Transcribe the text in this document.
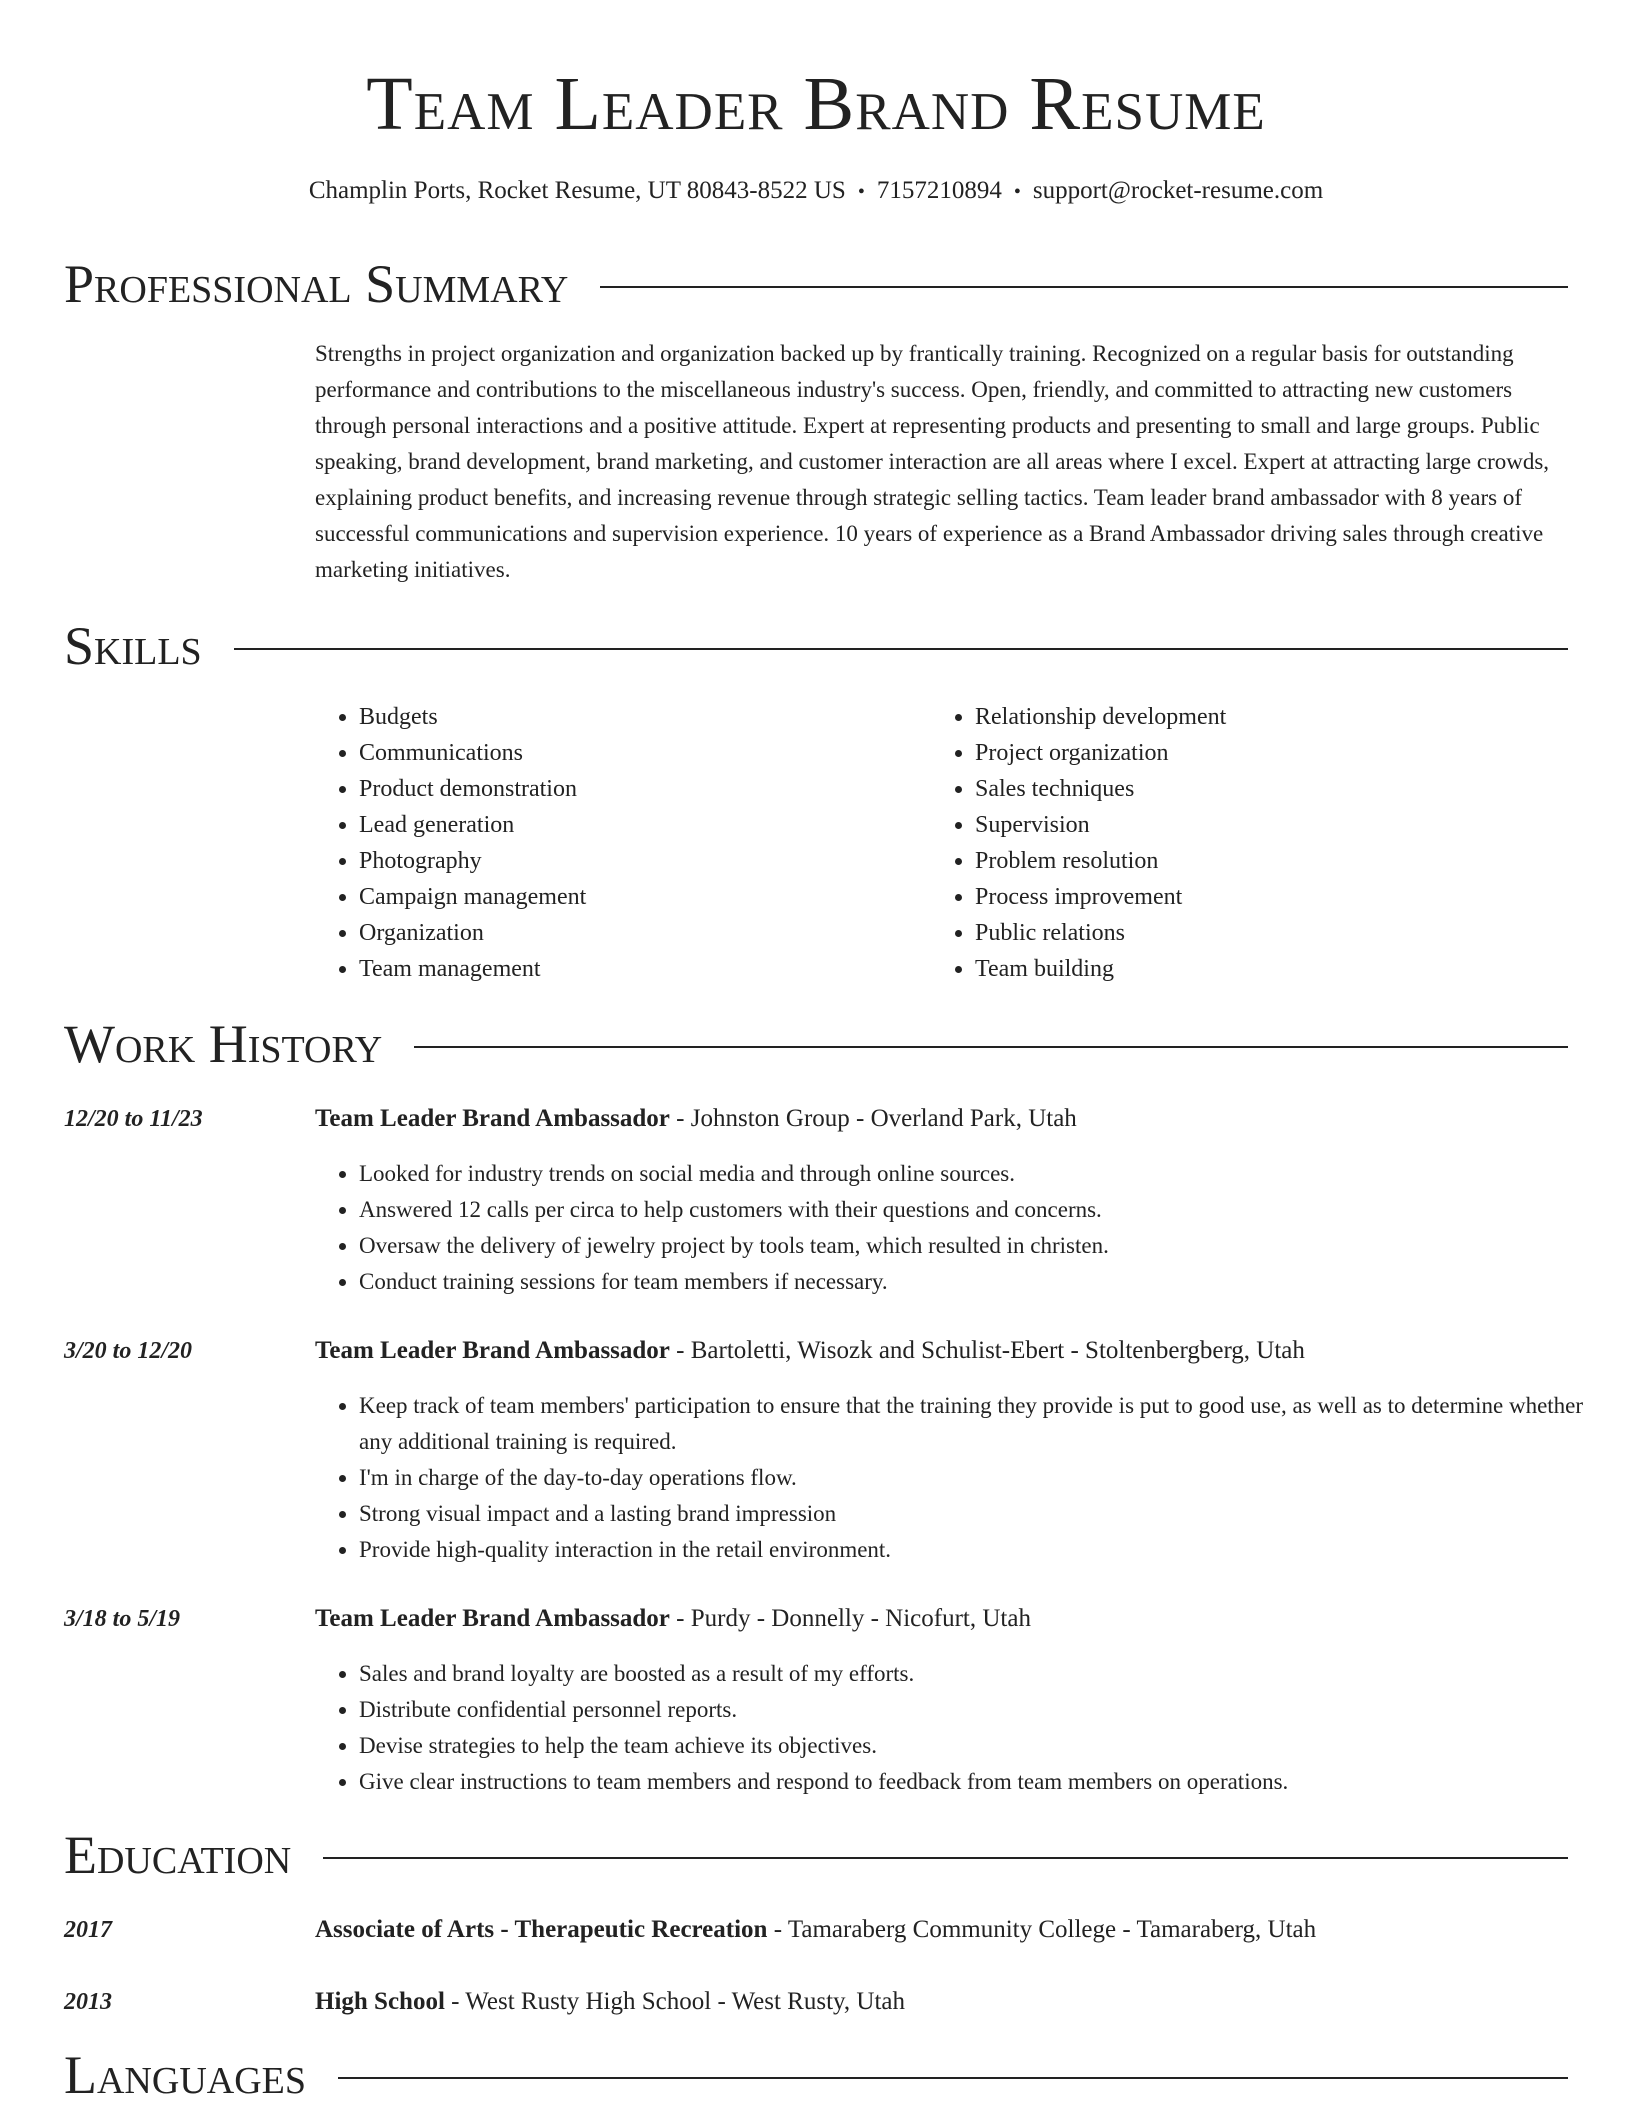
Team Leader Brand Resume
Champlin Ports, Rocket Resume, UT 80843-8522 US • 7157210894 • support@rocket-resume.com
Professional Summary

Strengths in project organization and organization backed up by frantically training. Recognized on a regular basis for outstanding performance and contributions to the miscellaneous industry's success. Open, friendly, and committed to attracting new customers through personal interactions and a positive attitude. Expert at representing products and presenting to small and large groups. Public speaking, brand development, brand marketing, and customer interaction are all areas where I excel. Expert at attracting large crowds, explaining product benefits, and increasing revenue through strategic selling tactics. Team leader brand ambassador with 8 years of successful communications and supervision experience. 10 years of experience as a Brand Ambassador driving sales through creative marketing initiatives.

Skills
• Budgets
• Communications
• Product demonstration
• Lead generation
• Photography
• Campaign management
• Organization
• Team management
• Relationship development
• Project organization
• Sales techniques
• Supervision
• Problem resolution
• Process improvement
• Public relations
• Team building
Work History
12/20 to 11/23	Team Leader Brand Ambassador - Johnston Group - Overland Park, Utah
• Looked for industry trends on social media and through online sources.
• Answered 12 calls per circa to help customers with their questions and concerns.
• Oversaw the delivery of jewelry project by tools team, which resulted in christen.
• Conduct training sessions for team members if necessary.
3/20 to 12/20	Team Leader Brand Ambassador - Bartoletti, Wisozk and Schulist-Ebert - Stoltenbergberg, Utah
• Keep track of team members' participation to ensure that the training they provide is put to good use, as well as to determine whether any additional training is required.
• I'm in charge of the day-to-day operations flow.
• Strong visual impact and a lasting brand impression
• Provide high-quality interaction in the retail environment.
3/18 to 5/19	Team Leader Brand Ambassador - Purdy - Donnelly - Nicofurt, Utah
• Sales and brand loyalty are boosted as a result of my efforts.
• Distribute confidential personnel reports.
• Devise strategies to help the team achieve its objectives.
• Give clear instructions to team members and respond to feedback from team members on operations.
Education
2017	Associate of Arts - Therapeutic Recreation - Tamaraberg Community College - Tamaraberg, Utah
2013	High School - West Rusty High School - West Rusty, Utah
Languages
